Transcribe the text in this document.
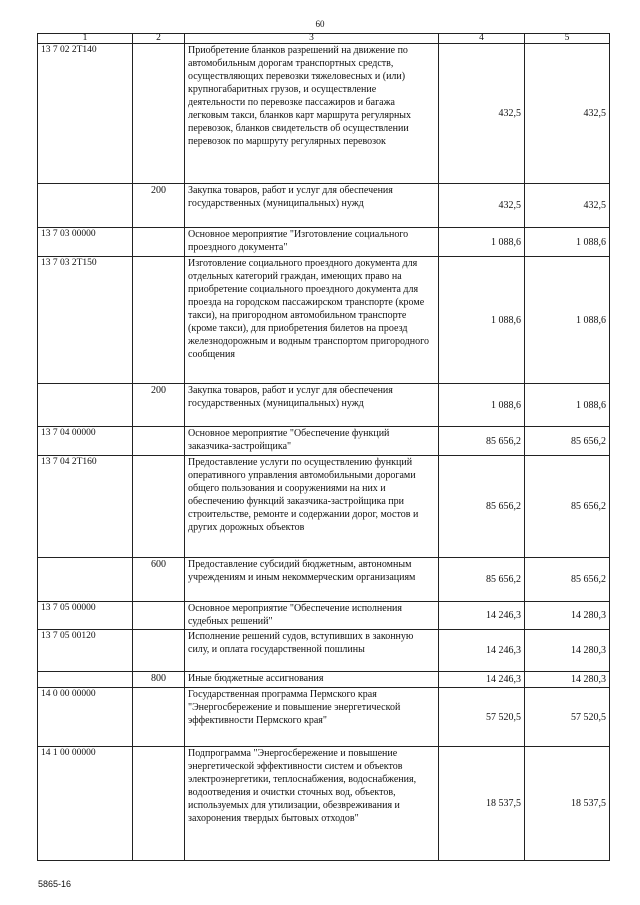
60
1	2	3	4	5
13 7 02 2Т140		Приобретение бланков разрешений на движение по автомобильным дорогам транспортных средств, осуществляющих перевозки тяжеловесных и (или) крупногабаритных грузов, и осуществление деятельности по перевозке пассажиров и багажа легковым такси, бланков карт маршрута регулярных перевозок, бланков свидетельств об осуществлении перевозок по маршруту регулярных перевозок	432,5	432,5
	200	Закупка товаров, работ и услуг для обеспечения государственных (муниципальных) нужд	432,5	432,5
13 7 03 00000		Основное мероприятие "Изготовление социального проездного документа"	1 088,6	1 088,6
13 7 03 2Т150		Изготовление социального проездного документа для отдельных категорий граждан, имеющих право на приобретение социального проездного документа для проезда на городском пассажирском транспорте (кроме такси), на пригородном автомобильном транспорте (кроме такси), для приобретения билетов на проезд железнодорожным и водным транспортом пригородного сообщения	1 088,6	1 088,6
	200	Закупка товаров, работ и услуг для обеспечения государственных (муниципальных) нужд	1 088,6	1 088,6
13 7 04 00000		Основное мероприятие "Обеспечение функций заказчика-застройщика"	85 656,2	85 656,2
13 7 04 2Т160		Предоставление услуги по осуществлению функций оперативного управления автомобильными дорогами общего пользования и сооружениями на них и обеспечению функций заказчика-застройщика при строительстве, ремонте и содержании дорог, мостов и других дорожных объектов	85 656,2	85 656,2
	600	Предоставление субсидий бюджетным, автономным учреждениям и иным некоммерческим организациям	85 656,2	85 656,2
13 7 05 00000		Основное мероприятие "Обеспечение исполнения судебных решений"	14 246,3	14 280,3
13 7 05 00120		Исполнение решений судов, вступивших в законную силу, и оплата государственной пошлины	14 246,3	14 280,3
	800	Иные бюджетные ассигнования	14 246,3	14 280,3
14 0 00 00000		Государственная программа Пермского края "Энергосбережение и повышение энергетической эффективности Пермского края"	57 520,5	57 520,5
14 1 00 00000		Подпрограмма "Энергосбережение и повышение энергетической эффективности систем и объектов электроэнергетики, теплоснабжения, водоснабжения, водоотведения и очистки сточных вод, объектов, используемых для утилизации, обезвреживания и захоронения твердых бытовых отходов"	18 537,5	18 537,5
5865-16
